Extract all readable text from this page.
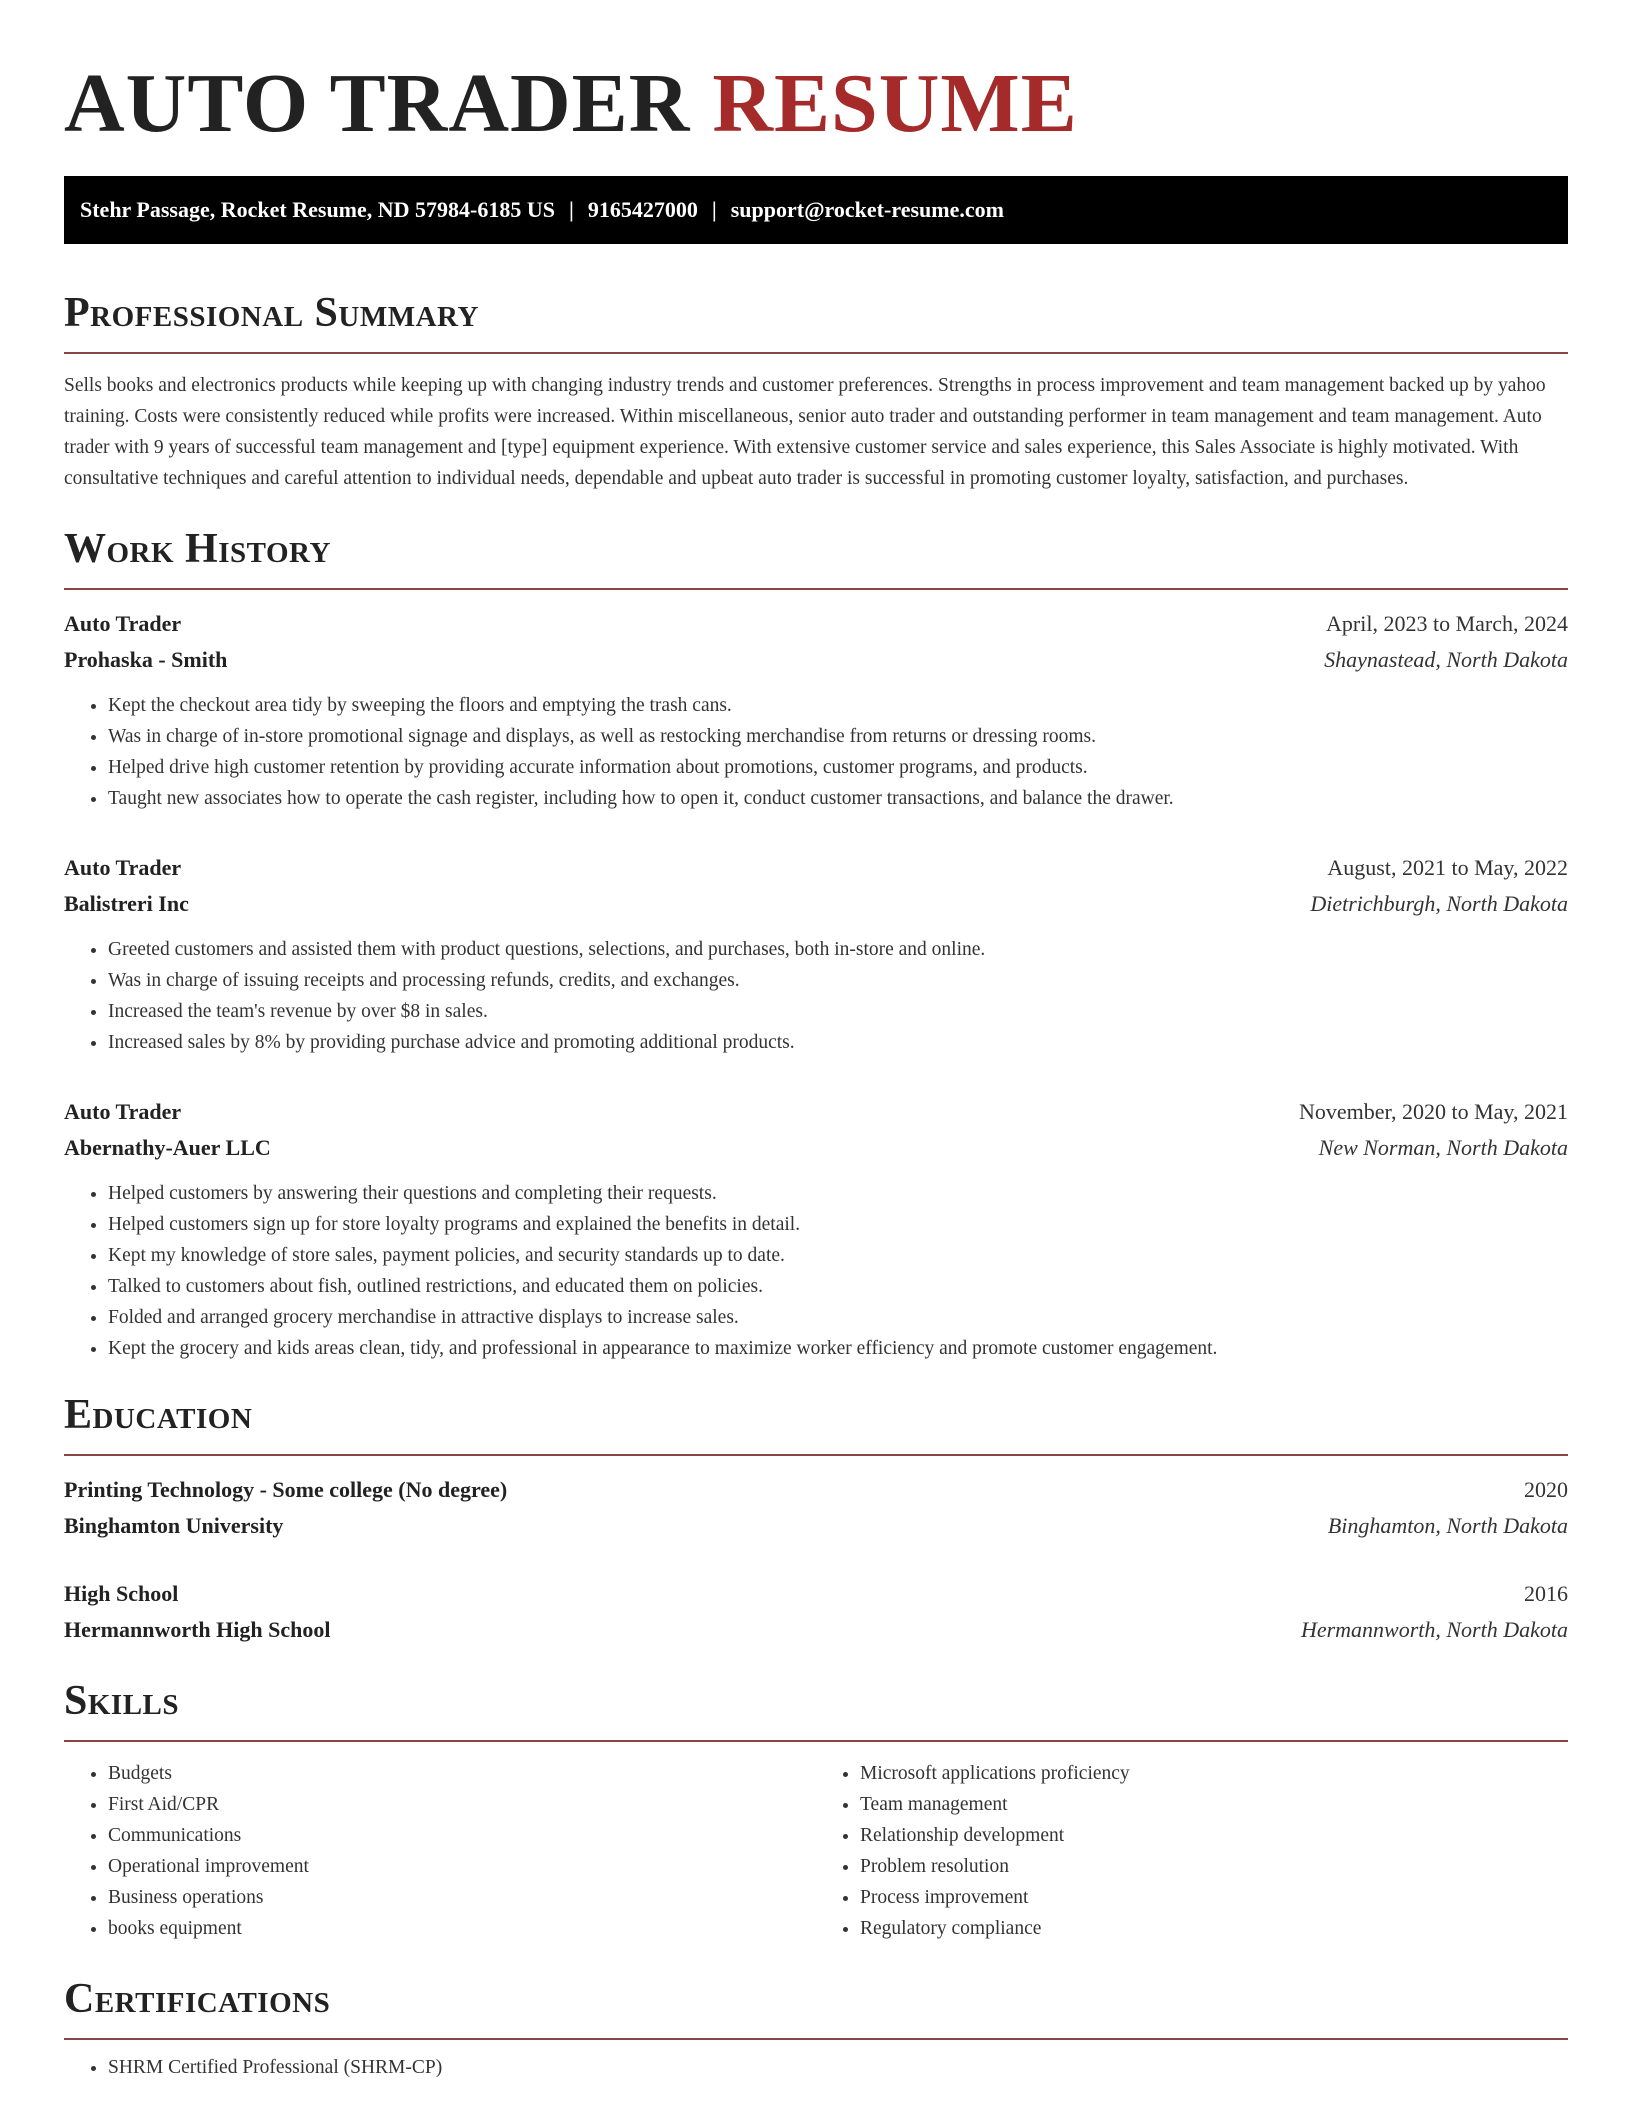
AUTO TRADER RESUME
Stehr Passage, Rocket Resume, ND 57984-6185 US | 9165427000 | support@rocket-resume.com
Professional Summary

Sells books and electronics products while keeping up with changing industry trends and customer preferences. Strengths in process improvement and team management backed up by yahoo training. Costs were consistently reduced while profits were increased. Within miscellaneous, senior auto trader and outstanding performer in team management and team management. Auto trader with 9 years of successful team management and [type] equipment experience. With extensive customer service and sales experience, this Sales Associate is highly motivated. With consultative techniques and careful attention to individual needs, dependable and upbeat auto trader is successful in promoting customer loyalty, satisfaction, and purchases.

Work History
Auto Trader	April, 2023 to March, 2024
Prohaska - Smith	Shaynastead, North Dakota
• Kept the checkout area tidy by sweeping the floors and emptying the trash cans.
• Was in charge of in-store promotional signage and displays, as well as restocking merchandise from returns or dressing rooms.
• Helped drive high customer retention by providing accurate information about promotions, customer programs, and products.
• Taught new associates how to operate the cash register, including how to open it, conduct customer transactions, and balance the drawer.
Auto Trader	August, 2021 to May, 2022
Balistreri Inc	Dietrichburgh, North Dakota
• Greeted customers and assisted them with product questions, selections, and purchases, both in-store and online.
• Was in charge of issuing receipts and processing refunds, credits, and exchanges.
• Increased the team's revenue by over $8 in sales.
• Increased sales by 8% by providing purchase advice and promoting additional products.
Auto Trader	November, 2020 to May, 2021
Abernathy-Auer LLC	New Norman, North Dakota
• Helped customers by answering their questions and completing their requests.
• Helped customers sign up for store loyalty programs and explained the benefits in detail.
• Kept my knowledge of store sales, payment policies, and security standards up to date.
• Talked to customers about fish, outlined restrictions, and educated them on policies.
• Folded and arranged grocery merchandise in attractive displays to increase sales.
• Kept the grocery and kids areas clean, tidy, and professional in appearance to maximize worker efficiency and promote customer engagement.
Education
Printing Technology - Some college (No degree)	2020
Binghamton University	Binghamton, North Dakota
High School	2016
Hermannworth High School	Hermannworth, North Dakota
Skills
• Budgets
• First Aid/CPR
• Communications
• Operational improvement
• Business operations
• books equipment
• Microsoft applications proficiency
• Team management
• Relationship development
• Problem resolution
• Process improvement
• Regulatory compliance
Certifications
• SHRM Certified Professional (SHRM-CP)
